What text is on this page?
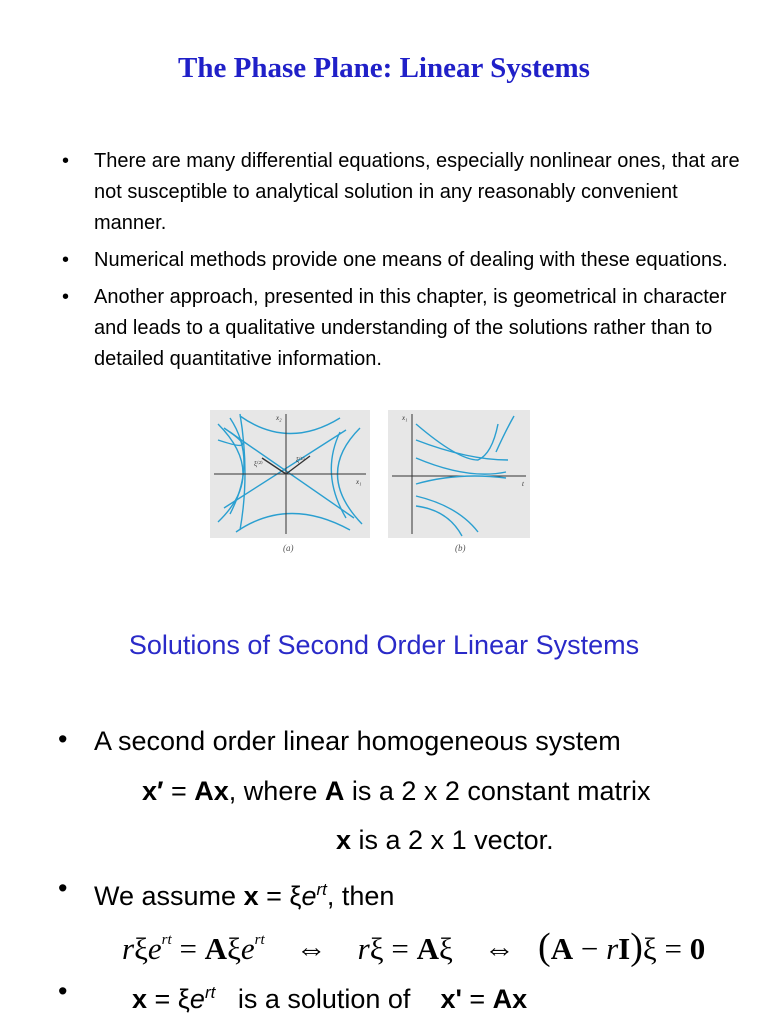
The Phase Plane: Linear Systems
• There are many differential equations, especially nonlinear ones, that are not susceptible to analytical solution in any reasonably convenient manner.
• Numerical methods provide one means of dealing with these equations.
• Another approach, presented in this chapter, is geometrical in character and leads to a qualitative understanding of the solutions rather than to detailed quantitative information.
x₂
x₁
ξ⁽¹⁾
ξ⁽²⁾
(a)
x₁
t
(b)
Solutions of Second Order Linear Systems
• A second order linear homogeneous system
x′ = Ax, where A is a 2 x 2 constant matrix
x is a 2 x 1 vector.
• We assume $x = \xi e^{rt}$, then
rξe$^{rt}$ = Aξe$^{rt}$ ⇔ rξ = Aξ ⇔ (A − rI)ξ = 0
• $x = \xi e^{rt}$   is a solution of    x' = Ax
